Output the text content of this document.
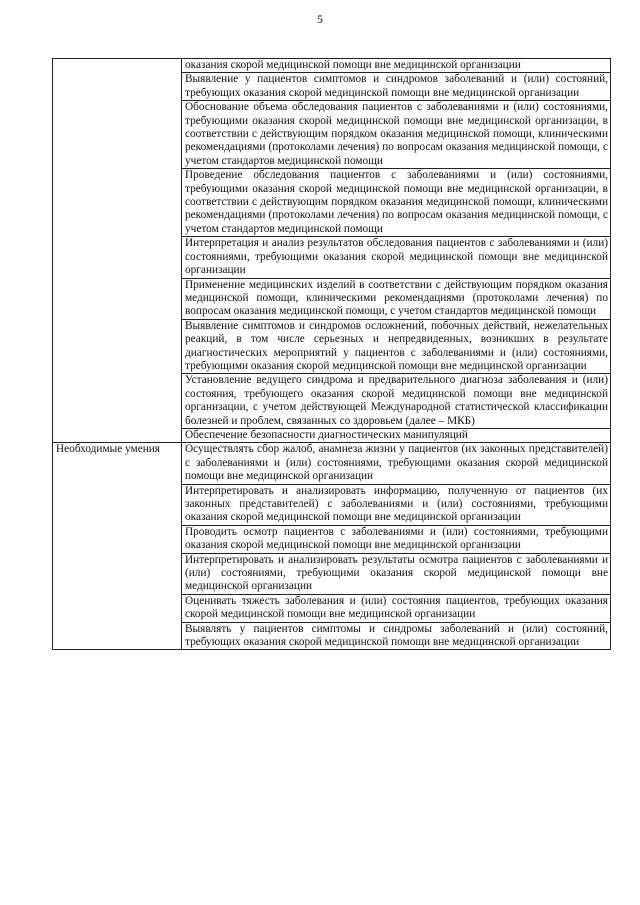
5
	оказания скорой медицинской помощи вне медицинской организации
	Выявление у пациентов симптомов и синдромов заболеваний и (или) состояний, требующих оказания скорой медицинской помощи вне медицинской организации
	Обоснование объема обследования пациентов с заболеваниями и (или) состояниями, требующими оказания скорой медицинской помощи вне медицинской организации, в соответствии с действующим порядком оказания медицинской помощи, клиническими рекомендациями (протоколами лечения) по вопросам оказания медицинской помощи, с учетом стандартов медицинской помощи
	Проведение обследования пациентов с заболеваниями и (или) состояниями, требующими оказания скорой медицинской помощи вне медицинской организации, в соответствии с действующим порядком оказания медицинской помощи, клиническими рекомендациями (протоколами лечения) по вопросам оказания медицинской помощи, с учетом стандартов медицинской помощи
	Интерпретация и анализ результатов обследования пациентов с заболеваниями и (или) состояниями, требующими оказания скорой медицинской помощи вне медицинской организации
	Применение медицинских изделий в соответствии с действующим порядком оказания медицинской помощи, клиническими рекомендациями (протоколами лечения) по вопросам оказания медицинской помощи, с учетом стандартов медицинской помощи
	Выявление симптомов и синдромов осложнений, побочных действий, нежелательных реакций, в том числе серьезных и непредвиденных, возникших в результате диагностических мероприятий у пациентов с заболеваниями и (или) состояниями, требующими оказания скорой медицинской помощи вне медицинской организации
	Установление ведущего синдрома и предварительного диагноза заболевания и (или) состояния, требующего оказания скорой медицинской помощи вне медицинской организации, с учетом действующей Международной статистической классификации болезней и проблем, связанных со здоровьем (далее – МКБ)
	Обеспечение безопасности диагностических манипуляций
Необходимые умения	Осуществлять сбор жалоб, анамнеза жизни у пациентов (их законных представителей) с заболеваниями и (или) состояниями, требующими оказания скорой медицинской помощи вне медицинской организации
	Интерпретировать и анализировать информацию, полученную от пациентов (их законных представителей) с заболеваниями и (или) состояниями, требующими оказания скорой медицинской помощи вне медицинской организации
	Проводить осмотр пациентов с заболеваниями и (или) состояниями, требующими оказания скорой медицинской помощи вне медицинской организации
	Интерпретировать и анализировать результаты осмотра пациентов с заболеваниями и (или) состояниями, требующими оказания скорой медицинской помощи вне медицинской организации
	Оценивать тяжесть заболевания и (или) состояния пациентов, требующих оказания скорой медицинской помощи вне медицинской организации
	Выявлять у пациентов симптомы и синдромы заболеваний и (или) состояний, требующих оказания скорой медицинской помощи вне медицинской организации
